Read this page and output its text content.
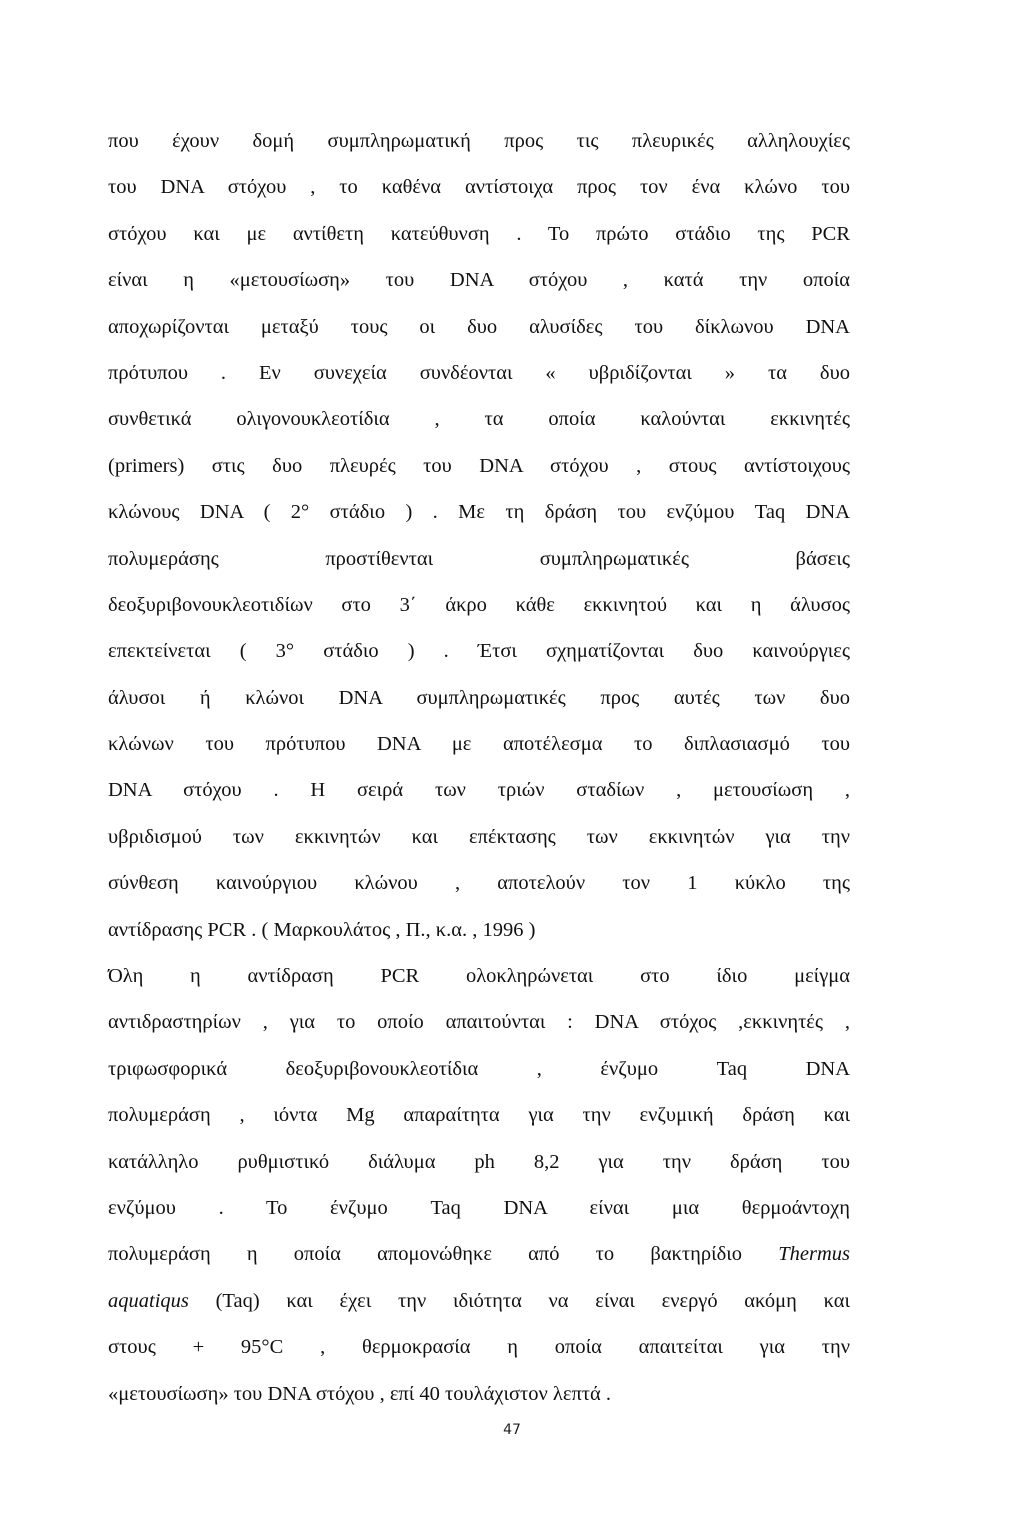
που έχουν δομή συμπληρωματική προς τις πλευρικές αλληλουχίες
του DNA στόχου , το καθένα αντίστοιχα προς τον ένα κλώνο του
στόχου και με αντίθετη κατεύθυνση . Το πρώτο στάδιο της PCR
είναι η «μετουσίωση» του DNA στόχου , κατά την οποία
αποχωρίζονται μεταξύ τους οι δυο αλυσίδες του δίκλωνου DNA
πρότυπου . Εν συνεχεία συνδέονται « υβριδίζονται » τα δυο
συνθετικά ολιγονουκλεοτίδια , τα οποία καλούνται εκκινητές
(primers) στις δυο πλευρές του DNA στόχου , στους αντίστοιχους
κλώνους DNA ( 2° στάδιο ) . Με τη δράση του ενζύμου Taq DNA
πολυμεράσης προστίθενται συμπληρωματικές βάσεις
δεοξυριβονουκλεοτιδίων στο 3΄ άκρο κάθε εκκινητού και η άλυσος
επεκτείνεται ( 3° στάδιο ) . Έτσι σχηματίζονται δυο καινούργιες
άλυσοι ή κλώνοι DNA συμπληρωματικές προς αυτές των δυο
κλώνων του πρότυπου DNA με αποτέλεσμα το διπλασιασμό του
DNA στόχου . Η σειρά των τριών σταδίων , μετουσίωση ,
υβριδισμού των εκκινητών και επέκτασης των εκκινητών για την
σύνθεση καινούργιου κλώνου , αποτελούν τον 1 κύκλο της
αντίδρασης PCR . ( Μαρκουλάτος , Π., κ.α. , 1996 )
Όλη η αντίδραση PCR ολοκληρώνεται στο ίδιο μείγμα
αντιδραστηρίων , για το οποίο απαιτούνται : DNA στόχος ,εκκινητές ,
τριφωσφορικά δεοξυριβονουκλεοτίδια , ένζυμο Taq DNA
πολυμεράση , ιόντα Mg απαραίτητα για την ενζυμική δράση και
κατάλληλο ρυθμιστικό διάλυμα ph 8,2 για την δράση του
ενζύμου . Το ένζυμο Taq DNA είναι μια θερμοάντοχη
πολυμεράση η οποία απομονώθηκε από το βακτηρίδιο Thermus
aquatiqus (Taq) και έχει την ιδιότητα να είναι ενεργό ακόμη και
στους + 95°C , θερμοκρασία η οποία απαιτείται για την
«μετουσίωση» του DNA στόχου , επί 40 τουλάχιστον λεπτά .
47
